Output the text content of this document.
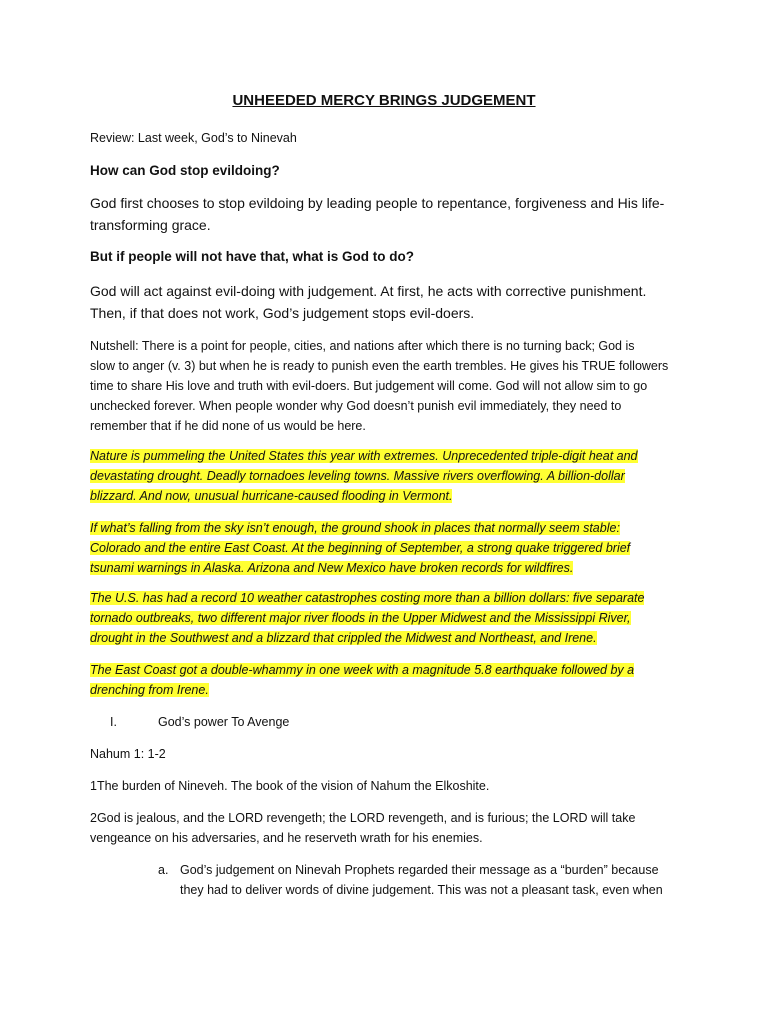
UNHEEDED MERCY BRINGS JUDGEMENT
Review: Last week, God’s to Ninevah
How can God stop evildoing?
God first chooses to stop evildoing by leading people to repentance, forgiveness and His life-
transforming grace.
But if people will not have that, what is God to do?
God will act against evil-doing with judgement. At first, he acts with corrective punishment.
Then, if that does not work, God’s judgement stops evil-doers.
Nutshell: There is a point for people, cities, and nations after which there is no turning back; God is
slow to anger (v. 3) but when he is ready to punish even the earth trembles. He gives his TRUE followers
time to share His love and truth with evil-doers. But judgement will come. God will not allow sim to go
unchecked forever. When people wonder why God doesn’t punish evil immediately, they need to
remember that if he did none of us would be here.
Nature is pummeling the United States this year with extremes. Unprecedented triple-digit heat and
devastating drought. Deadly tornadoes leveling towns. Massive rivers overflowing. A billion-dollar
blizzard. And now, unusual hurricane-caused flooding in Vermont.
If what’s falling from the sky isn’t enough, the ground shook in places that normally seem stable:
Colorado and the entire East Coast. At the beginning of September, a strong quake triggered brief
tsunami warnings in Alaska. Arizona and New Mexico have broken records for wildfires.
The U.S. has had a record 10 weather catastrophes costing more than a billion dollars: five separate
tornado outbreaks, two different major river floods in the Upper Midwest and the Mississippi River,
drought in the Southwest and a blizzard that crippled the Midwest and Northeast, and Irene.
The East Coast got a double-whammy in one week with a magnitude 5.8 earthquake followed by a
drenching from Irene.
I.	God’s power To Avenge
Nahum 1: 1-2
1The burden of Nineveh. The book of the vision of Nahum the Elkoshite.
2God is jealous, and the LORD revengeth; the LORD revengeth, and is furious; the LORD will take
vengeance on his adversaries, and he reserveth wrath for his enemies.
a. God’s judgement on Ninevah Prophets regarded their message as a “burden” because
they had to deliver words of divine judgement. This was not a pleasant task, even when
